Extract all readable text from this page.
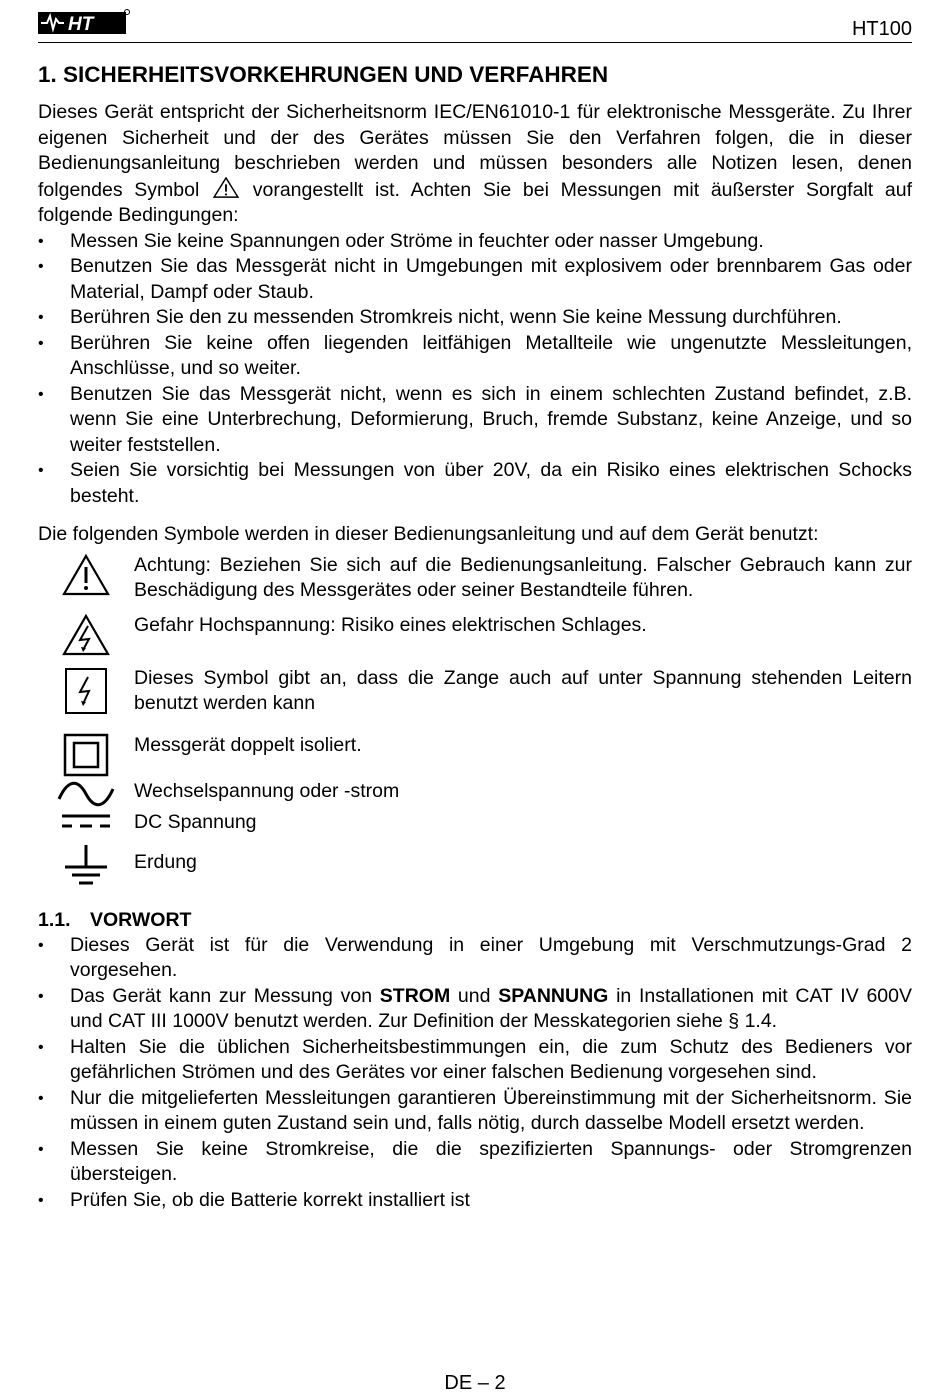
HT	HT100
1. SICHERHEITSVORKEHRUNGEN UND VERFAHREN

Dieses Gerät entspricht der Sicherheitsnorm IEC/EN61010-1 für elektronische Messgeräte. Zu Ihrer eigenen Sicherheit und der des Gerätes müssen Sie den Verfahren folgen, die in dieser Bedienungsanleitung beschrieben werden und müssen besonders alle Notizen lesen, denen folgendes Symbol	vorangestellt ist. Achten Sie bei Messungen mit äußerster Sorgfalt auf folgende Bedingungen:

• Messen Sie keine Spannungen oder Ströme in feuchter oder nasser Umgebung.
• Benutzen Sie das Messgerät nicht in Umgebungen mit explosivem oder brennbarem Gas oder Material, Dampf oder Staub.
• Berühren Sie den zu messenden Stromkreis nicht, wenn Sie keine Messung durchführen.
• Berühren Sie keine offen liegenden leitfähigen Metallteile wie ungenutzte Messleitungen, Anschlüsse, und so weiter.
• Benutzen Sie das Messgerät nicht, wenn es sich in einem schlechten Zustand befindet, z.B. wenn Sie eine Unterbrechung, Deformierung, Bruch, fremde Substanz, keine Anzeige, und so weiter feststellen.
• Seien Sie vorsichtig bei Messungen von über 20V, da ein Risiko eines elektrischen Schocks besteht.

Die folgenden Symbole werden in dieser Bedienungsanleitung und auf dem Gerät benutzt:

Achtung: Beziehen Sie sich auf die Bedienungsanleitung. Falscher Gebrauch kann zur Beschädigung des Messgerätes oder seiner Bestandteile führen.
Gefahr Hochspannung: Risiko eines elektrischen Schlages.
Dieses Symbol gibt an, dass die Zange auch auf unter Spannung stehenden Leitern benutzt werden kann
Messgerät doppelt isoliert.
Wechselspannung oder -strom
DC Spannung
Erdung
1.1. VORWORT
• Dieses Gerät ist für die Verwendung in einer Umgebung mit Verschmutzungs-Grad 2 vorgesehen.
• Das Gerät kann zur Messung von STROM und SPANNUNG in Installationen mit CAT IV 600V und CAT III 1000V benutzt werden. Zur Definition der Messkategorien siehe § 1.4.
• Halten Sie die üblichen Sicherheitsbestimmungen ein, die zum Schutz des Bedieners vor gefährlichen Strömen und des Gerätes vor einer falschen Bedienung vorgesehen sind.
• Nur die mitgelieferten Messleitungen garantieren Übereinstimmung mit der Sicherheitsnorm. Sie müssen in einem guten Zustand sein und, falls nötig, durch dasselbe Modell ersetzt werden.
• Messen Sie keine Stromkreise, die die spezifizierten Spannungs- oder Stromgrenzen übersteigen.
• Prüfen Sie, ob die Batterie korrekt installiert ist
DE – 2
